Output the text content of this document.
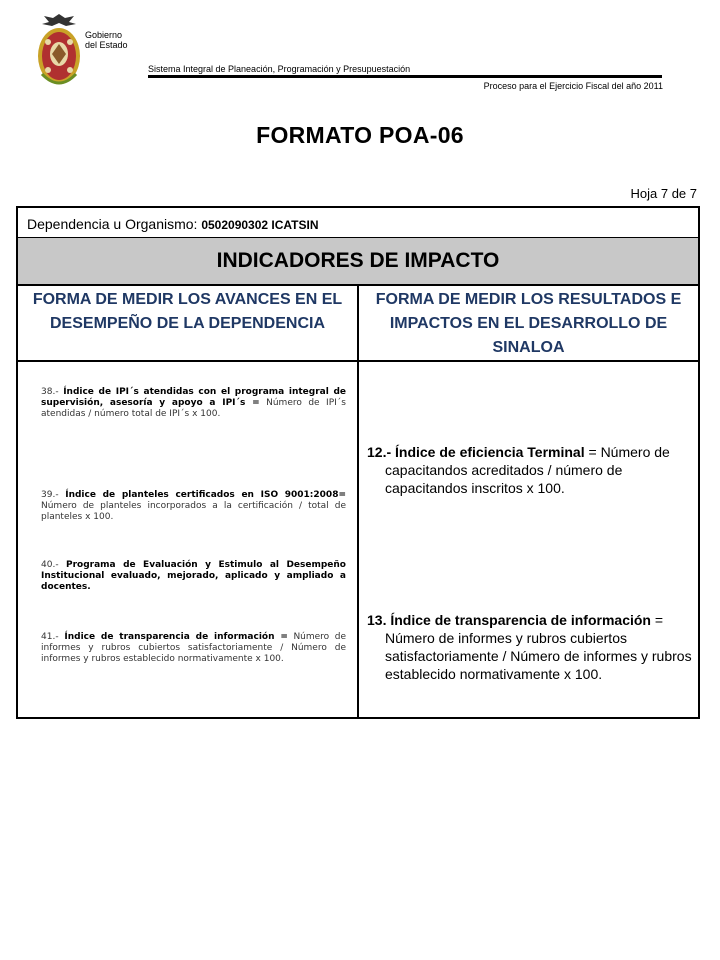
Gobierno
del Estado
Sistema Integral de Planeación, Programación y Presupuestación
Proceso para el Ejercicio Fiscal del año 2011
FORMATO POA-06
Hoja 7 de 7
Dependencia u Organismo: 0502090302 ICATSIN
INDICADORES DE IMPACTO
FORMA DE MEDIR LOS AVANCES EN EL DESEMPEÑO DE LA DEPENDENCIA
FORMA DE MEDIR LOS RESULTADOS E IMPACTOS EN EL DESARROLLO DE SINALOA
38.- Índice de IPI´s atendidas con el programa integral de supervisión, asesoría y apoyo a IPI´s = Número de IPI´s atendidas / número total de IPI´s x 100.
39.- Índice de planteles certificados en ISO 9001:2008= Número de planteles incorporados a la certificación / total de planteles x 100.
40.- Programa de Evaluación y Estimulo al Desempeño Institucional evaluado, mejorado, aplicado y ampliado a docentes.
41.- Índice de transparencia de información = Número de informes y rubros cubiertos satisfactoriamente / Número de informes y rubros establecido normativamente x 100.
12.- Índice de eficiencia Terminal = Número de capacitandos acreditados / número de capacitandos inscritos x 100.
13. Índice de transparencia de información = Número de informes y rubros cubiertos satisfactoriamente / Número de informes y rubros establecido normativamente x 100.
